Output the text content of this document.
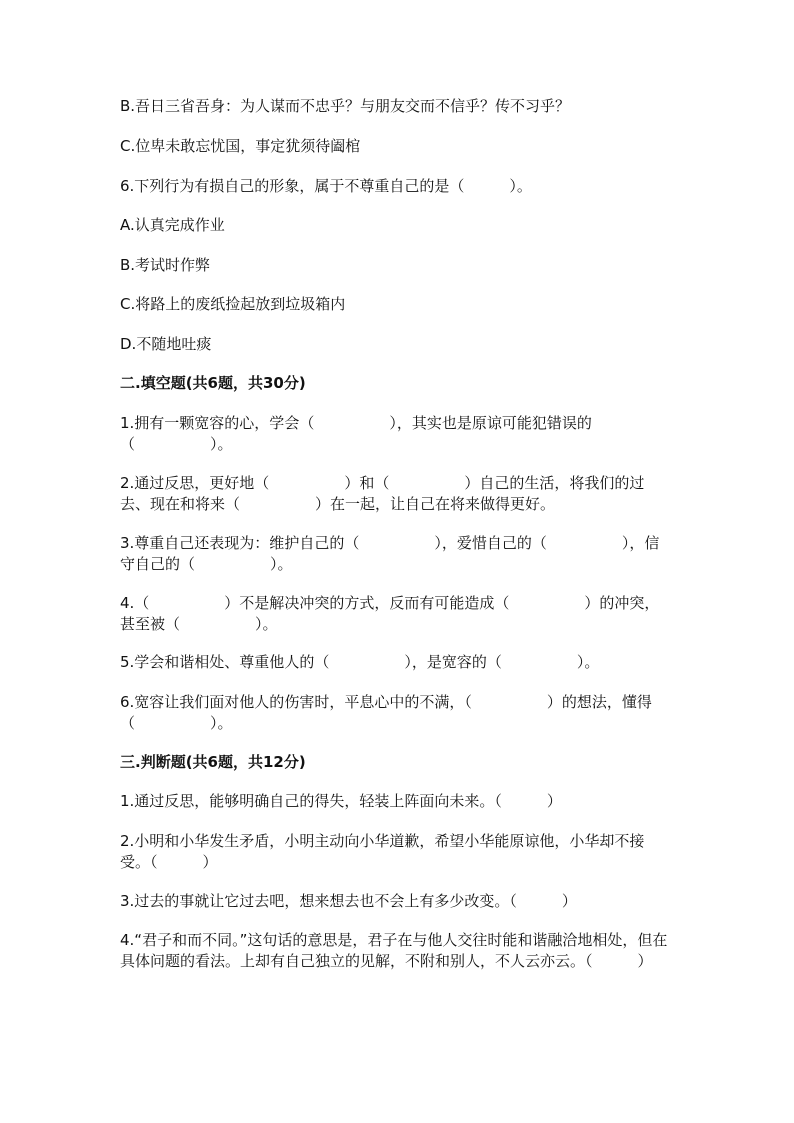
B.吾日三省吾身：为人谋而不忠乎？与朋友交而不信乎？传不习乎？
C.位卑未敢忘忧国，事定犹须待阖棺
6.下列行为有损自己的形象，属于不尊重自己的是（　　　）。
A.认真完成作业
B.考试时作弊
C.将路上的废纸捡起放到垃圾箱内
D.不随地吐痰
二.填空题(共6题，共30分)
1.拥有一颗宽容的心，学会（　　　　　），其实也是原谅可能犯错误的（　　　　　）。
2.通过反思，更好地（　　　　　）和（　　　　　）自己的生活，将我们的过去、现在和将来（　　　　　）在一起，让自己在将来做得更好。
3.尊重自己还表现为：维护自己的（　　　　　），爱惜自己的（　　　　　），信守自己的（　　　　　）。
4.（　　　　　）不是解决冲突的方式，反而有可能造成（　　　　　）的冲突，甚至被（　　　　　）。
5.学会和谐相处、尊重他人的（　　　　　），是宽容的（　　　　　）。
6.宽容让我们面对他人的伤害时，平息心中的不满，（　　　　　）的想法，懂得（　　　　　）。
三.判断题(共6题，共12分)
1.通过反思，能够明确自己的得失，轻装上阵面向未来。（　　　）
2.小明和小华发生矛盾，小明主动向小华道歉，希望小华能原谅他，小华却不接受。（　　　）
3.过去的事就让它过去吧，想来想去也不会上有多少改变。（　　　）
4.“君子和而不同。”这句话的意思是，君子在与他人交往时能和谐融洽地相处，但在具体问题的看法。上却有自己独立的见解，不附和别人，不人云亦云。（　　　）
